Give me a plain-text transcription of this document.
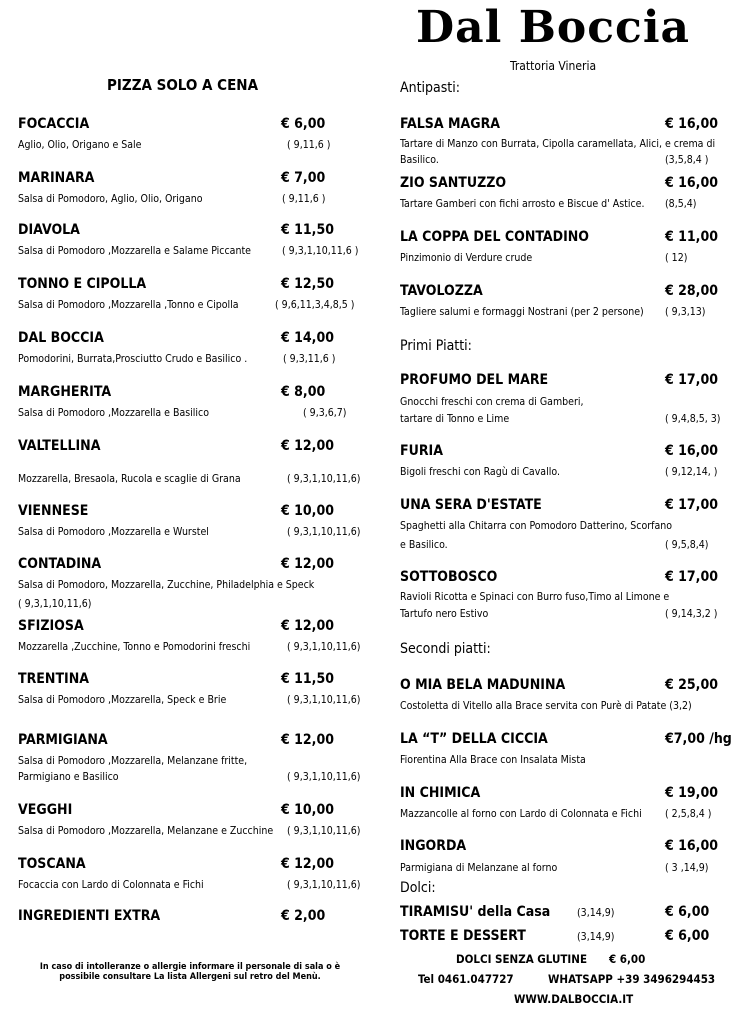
Dal Boccia
Trattoria Vineria
PIZZA SOLO A CENA
FOCACCIA	€ 6,00
Aglio, Olio, Origano e Sale	( 9,11,6 )
MARINARA	€ 7,00
Salsa di Pomodoro, Aglio, Olio, Origano	( 9,11,6 )
DIAVOLA	€ 11,50
Salsa di Pomodoro ,Mozzarella e Salame Piccante	( 9,3,1,10,11,6 )
TONNO E CIPOLLA	€ 12,50
Salsa di Pomodoro ,Mozzarella ,Tonno e Cipolla	( 9,6,11,3,4,8,5 )
DAL BOCCIA	€ 14,00
Pomodorini, Burrata,Prosciutto Crudo e Basilico .	( 9,3,11,6 )
MARGHERITA	€ 8,00
Salsa di Pomodoro ,Mozzarella e Basilico	( 9,3,6,7)
VALTELLINA	€ 12,00
Mozzarella, Bresaola, Rucola e scaglie di Grana	( 9,3,1,10,11,6)
VIENNESE	€ 10,00
Salsa di Pomodoro ,Mozzarella e Wurstel	( 9,3,1,10,11,6)
CONTADINA	€ 12,00
Salsa di Pomodoro, Mozzarella, Zucchine, Philadelphia e Speck
( 9,3,1,10,11,6)
SFIZIOSA	€ 12,00
Mozzarella ,Zucchine, Tonno e Pomodorini freschi	( 9,3,1,10,11,6)
TRENTINA	€ 11,50
Salsa di Pomodoro ,Mozzarella, Speck e Brie	( 9,3,1,10,11,6)
PARMIGIANA	€ 12,00
Salsa di Pomodoro ,Mozzarella, Melanzane fritte,
Parmigiano e Basilico	( 9,3,1,10,11,6)
VEGGHI	€ 10,00
Salsa di Pomodoro ,Mozzarella, Melanzane e Zucchine ( 9,3,1,10,11,6)
TOSCANA	€ 12,00
Focaccia con Lardo di Colonnata e Fichi	( 9,3,1,10,11,6)
INGREDIENTI EXTRA	€ 2,00
In caso di intolleranze o allergie informare il personale di sala o è possibile consultare La lista Allergeni sul retro del Menù.
Antipasti:
FALSA MAGRA	€ 16,00
Tartare di Manzo con Burrata, Cipolla caramellata, Alici, e crema di
Basilico.	(3,5,8,4 )
ZIO SANTUZZO	€ 16,00
Tartare Gamberi con fichi arrosto e Biscue d' Astice. (8,5,4)
LA COPPA DEL CONTADINO	€ 11,00
Pinzimonio di Verdure crude	( 12)
TAVOLOZZA	€ 28,00
Tagliere salumi e formaggi Nostrani (per 2 persone) ( 9,3,13)
Primi Piatti:
PROFUMO DEL MARE	€ 17,00
Gnocchi freschi con crema di Gamberi,
tartare di Tonno e Lime	( 9,4,8,5, 3)
FURIA	€ 16,00
Bigoli freschi con Ragù di Cavallo.	( 9,12,14, )
UNA SERA D'ESTATE	€ 17,00
Spaghetti alla Chitarra con Pomodoro Datterino, Scorfano
e Basilico.	( 9,5,8,4)
SOTTOBOSCO	€ 17,00
Ravioli Ricotta e Spinaci con Burro fuso,Timo al Limone e
Tartufo nero Estivo	( 9,14,3,2 )
Secondi piatti:
O MIA BELA MADUNINA	€ 25,00
Costoletta di Vitello alla Brace servita con Purè di Patate (3,2)
LA “T” DELLA CICCIA	€7,00 /hg
Fiorentina Alla Brace con Insalata Mista
IN CHIMICA	€ 19,00
Mazzancolle al forno con Lardo di Colonnata e Fichi ( 2,5,8,4 )
INGORDA	€ 16,00
Parmigiana di Melanzane al forno	( 3 ,14,9)
Dolci:
TIRAMISU' della Casa	(3,14,9)	€ 6,00
TORTE E DESSERT	(3,14,9)	€ 6,00
DOLCI SENZA GLUTINE € 6,00
Tel 0461.047727	WHATSAPP +39 3496294453
WWW.DALBOCCIA.IT
